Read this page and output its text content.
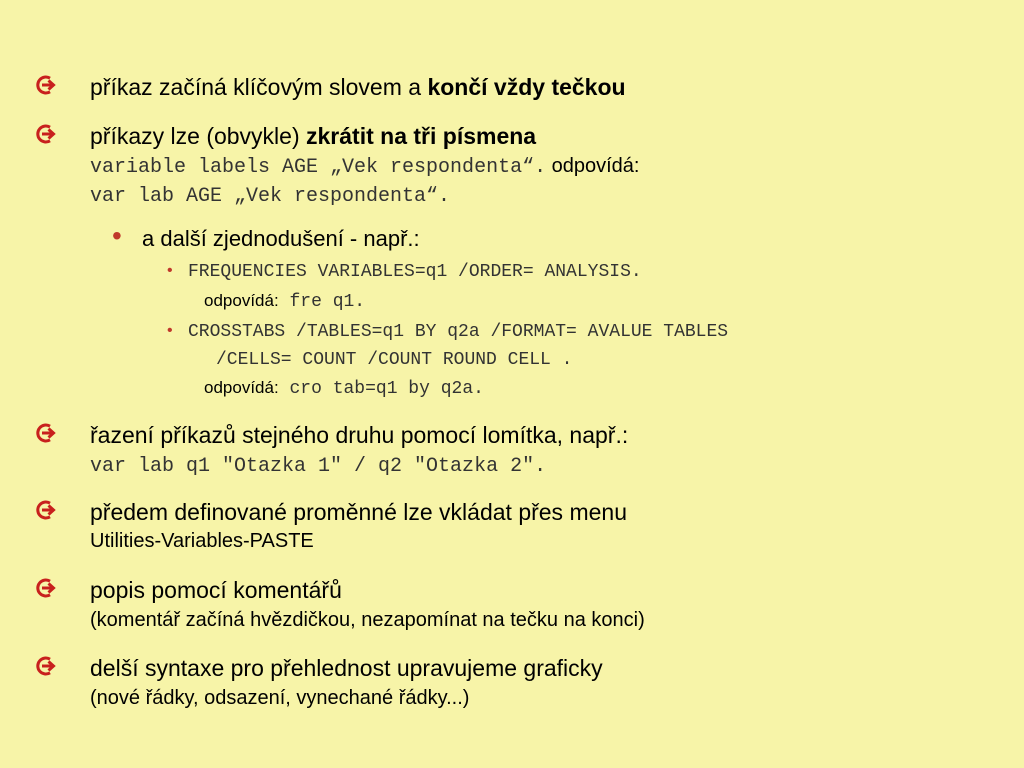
příkaz začíná klíčovým slovem a končí vždy tečkou
příkazy lze (obvykle) zkrátit na tři písmena
variable labels AGE „Vek respondenta“. odpovídá:
var lab AGE „Vek respondenta“.
• a další zjednodušení - např.:
• FREQUENCIES VARIABLES=q1 /ORDER= ANALYSIS.
odpovídá: fre q1.
• CROSSTABS /TABLES=q1 BY q2a /FORMAT= AVALUE TABLES
/CELLS= COUNT /COUNT ROUND CELL .
odpovídá: cro tab=q1 by q2a.
řazení příkazů stejného druhu pomocí lomítka, např.:
var lab q1 "Otazka 1" / q2 "Otazka 2".
předem definované proměnné lze vkládat přes menu
Utilities-Variables-PASTE
popis pomocí komentářů
(komentář začíná hvězdičkou, nezapomínat na tečku na konci)
delší syntaxe pro přehlednost upravujeme graficky
(nové řádky, odsazení, vynechané řádky...)
